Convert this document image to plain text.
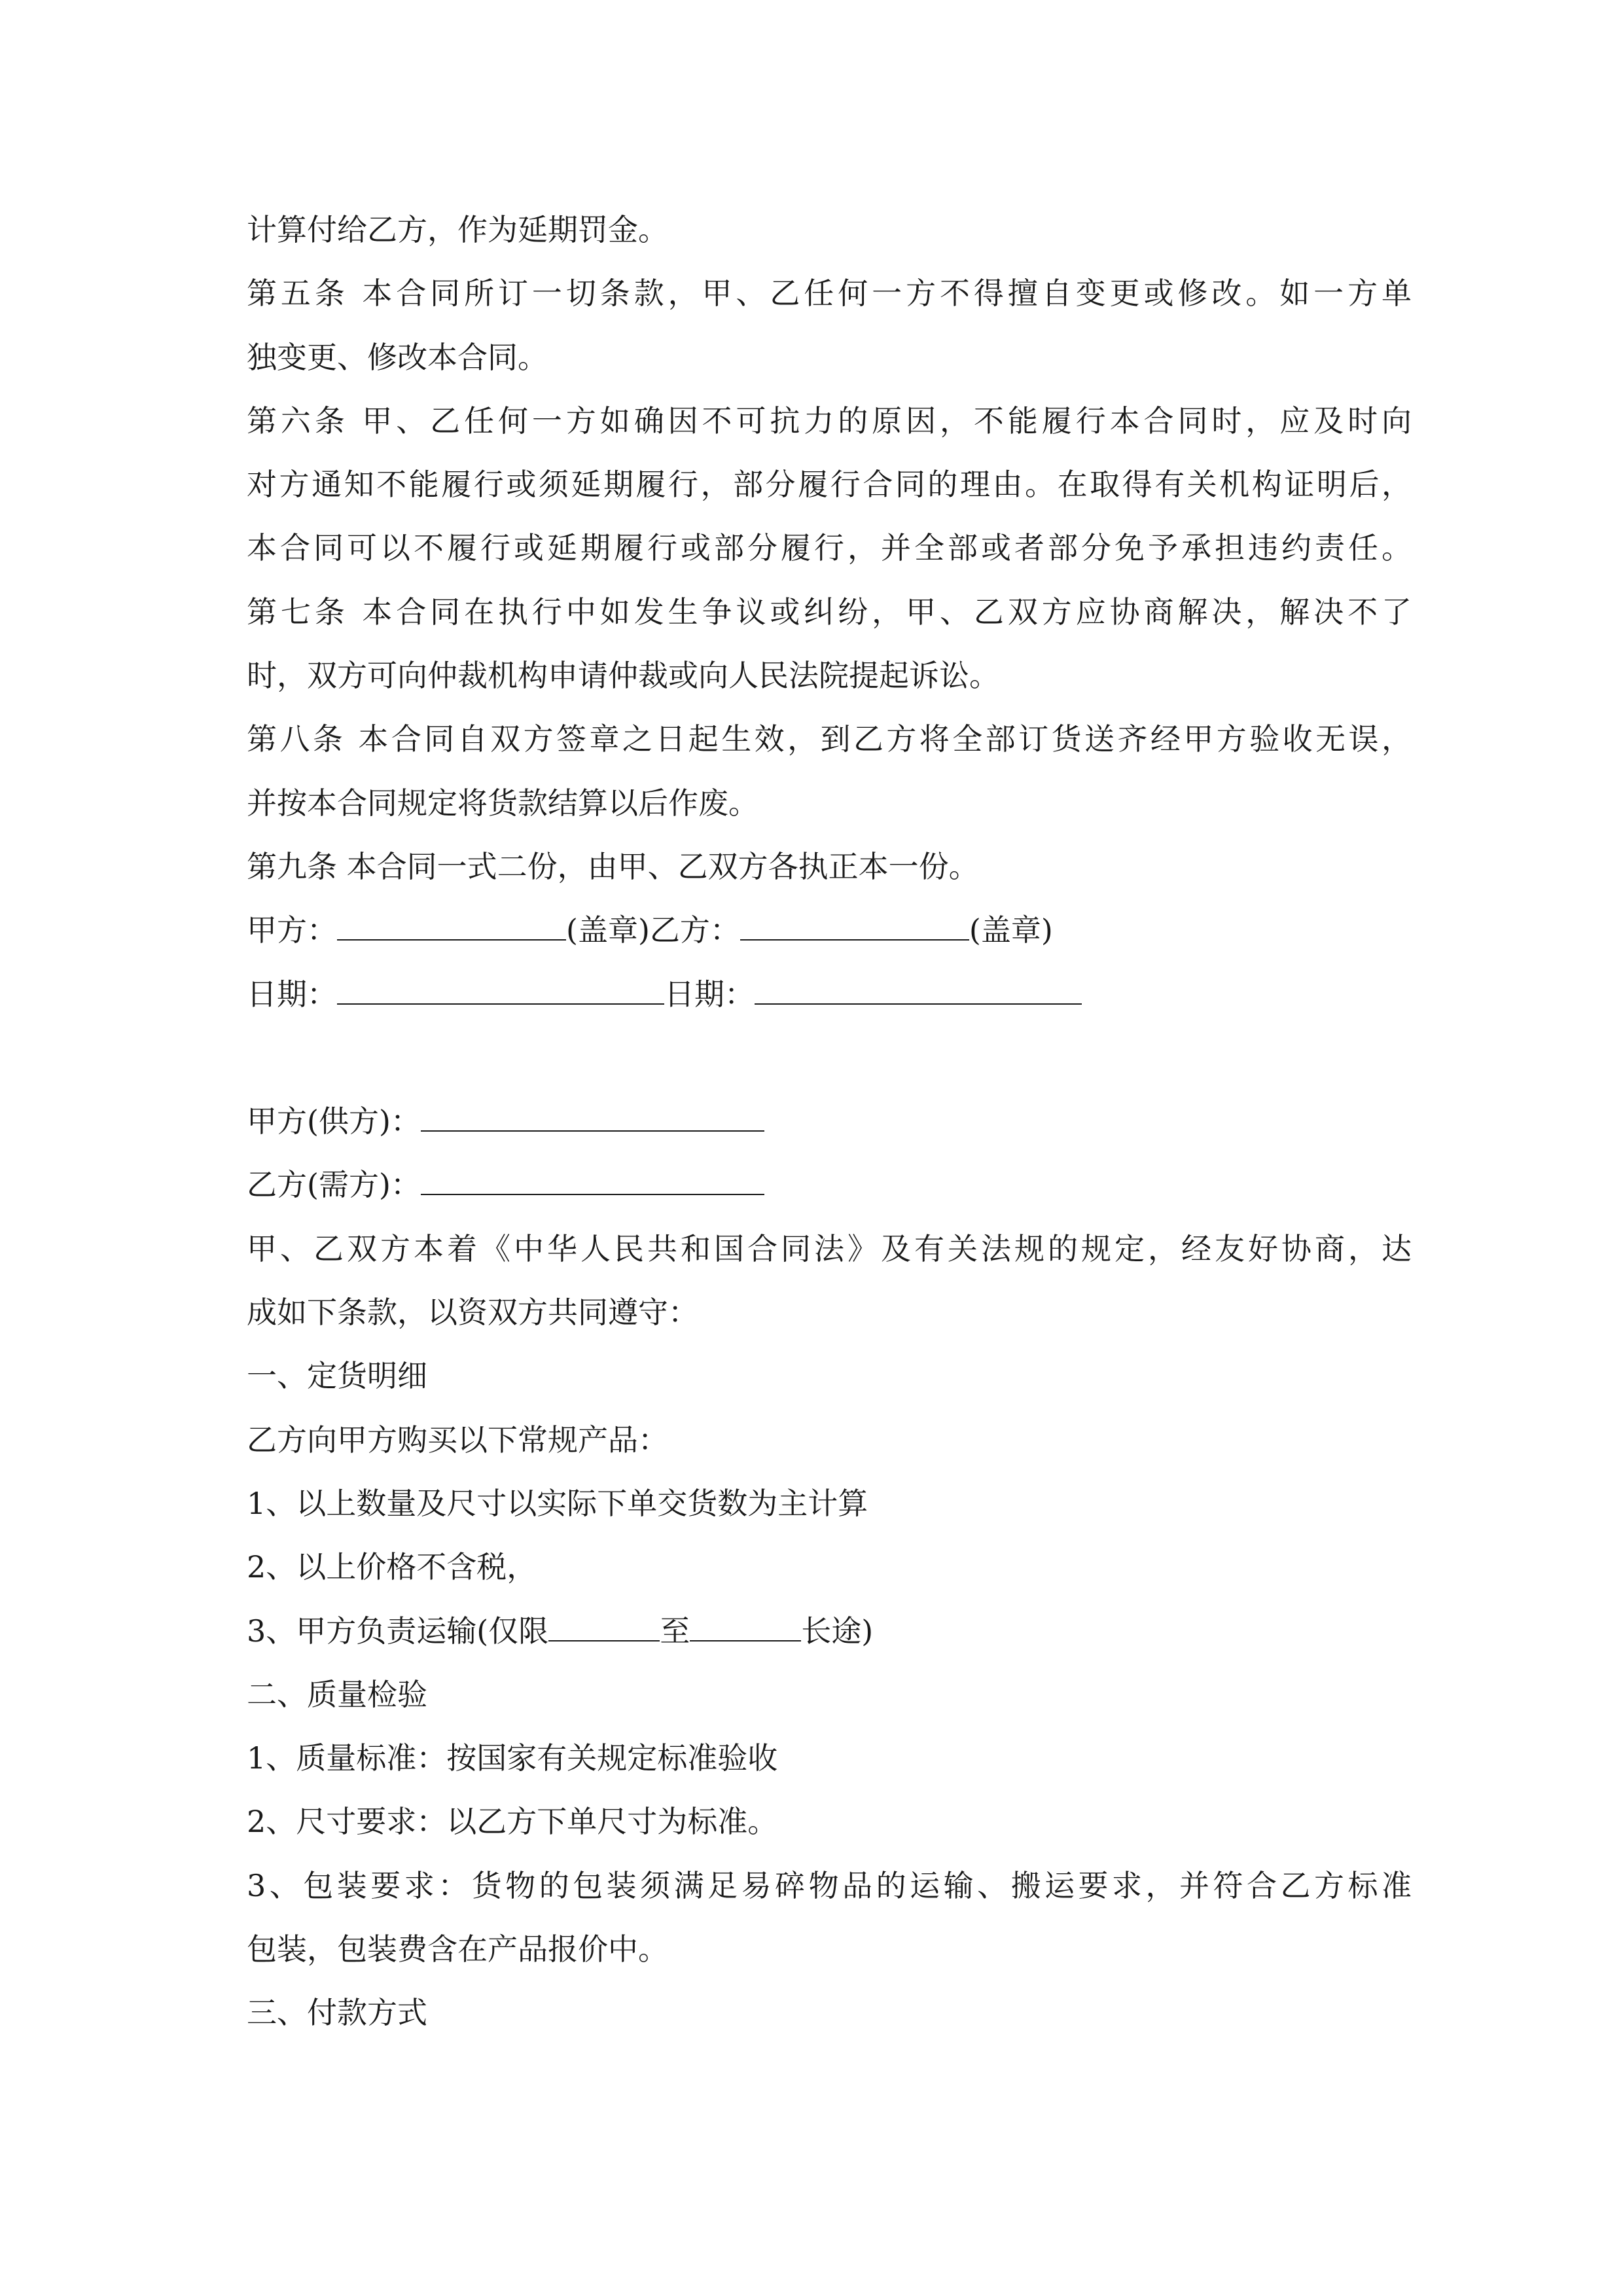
计算付给乙方，作为延期罚金。
第五条 本合同所订一切条款，甲、乙任何一方不得擅自变更或修改。如一方单
独变更、修改本合同。
第六条 甲、乙任何一方如确因不可抗力的原因，不能履行本合同时，应及时向
对方通知不能履行或须延期履行，部分履行合同的理由。在取得有关机构证明后，
本合同可以不履行或延期履行或部分履行，并全部或者部分免予承担违约责任。
第七条 本合同在执行中如发生争议或纠纷，甲、乙双方应协商解决，解决不了
时，双方可向仲裁机构申请仲裁或向人民法院提起诉讼。
第八条 本合同自双方签章之日起生效，到乙方将全部订货送齐经甲方验收无误，
并按本合同规定将货款结算以后作废。
第九条 本合同一式二份，由甲、乙双方各执正本一份。
甲方：	(盖章)乙方：	(盖章)
日期：	日期：
甲方(供方)：
乙方(需方)：
甲、乙双方本着《中华人民共和国合同法》及有关法规的规定，经友好协商，达
成如下条款，以资双方共同遵守：
一、定货明细
乙方向甲方购买以下常规产品：
1、以上数量及尺寸以实际下单交货数为主计算
2、以上价格不含税，
3、甲方负责运输(仅限	至	长途)
二、质量检验
1、质量标准：按国家有关规定标准验收
2、尺寸要求：以乙方下单尺寸为标准。
3、包装要求：货物的包装须满足易碎物品的运输、搬运要求，并符合乙方标准
包装，包装费含在产品报价中。
三、付款方式
